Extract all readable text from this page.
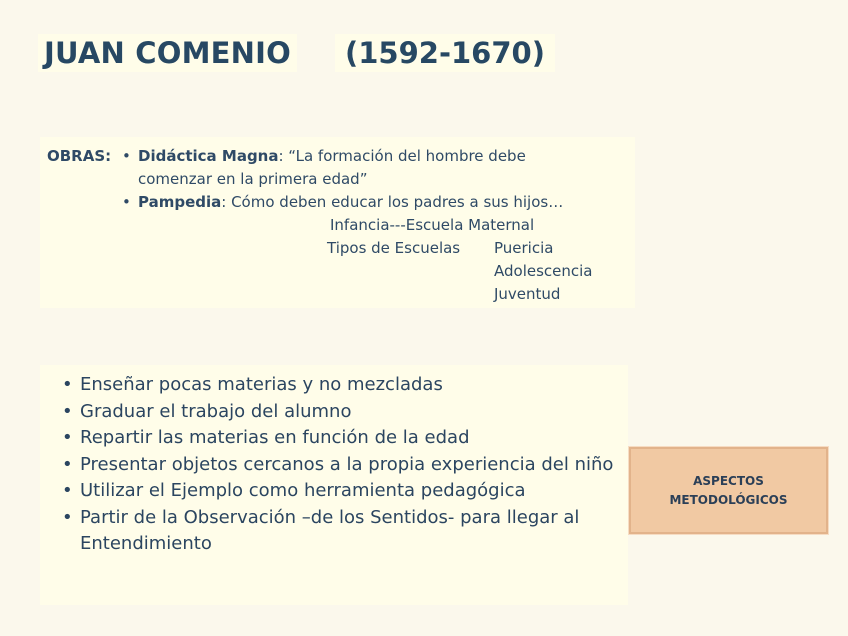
JUAN COMENIO	(1592-1670)
OBRAS: • Didáctica Magna: “La formación del hombre debe
comenzar en la primera edad”
• Pampedia: Cómo deben educar los padres a sus hijos…
Infancia---Escuela Maternal
Tipos de Escuelas Puericia
Adolescencia
Juventud
• Enseñar pocas materias y no mezcladas
• Graduar el trabajo del alumno
• Repartir las materias en función de la edad
• Presentar objetos cercanos a la propia experiencia del niño
• Utilizar el Ejemplo como herramienta pedagógica
• Partir de la Observación –de los Sentidos- para llegar al Entendimiento
ASPECTOS
METODOLÓGICOS
